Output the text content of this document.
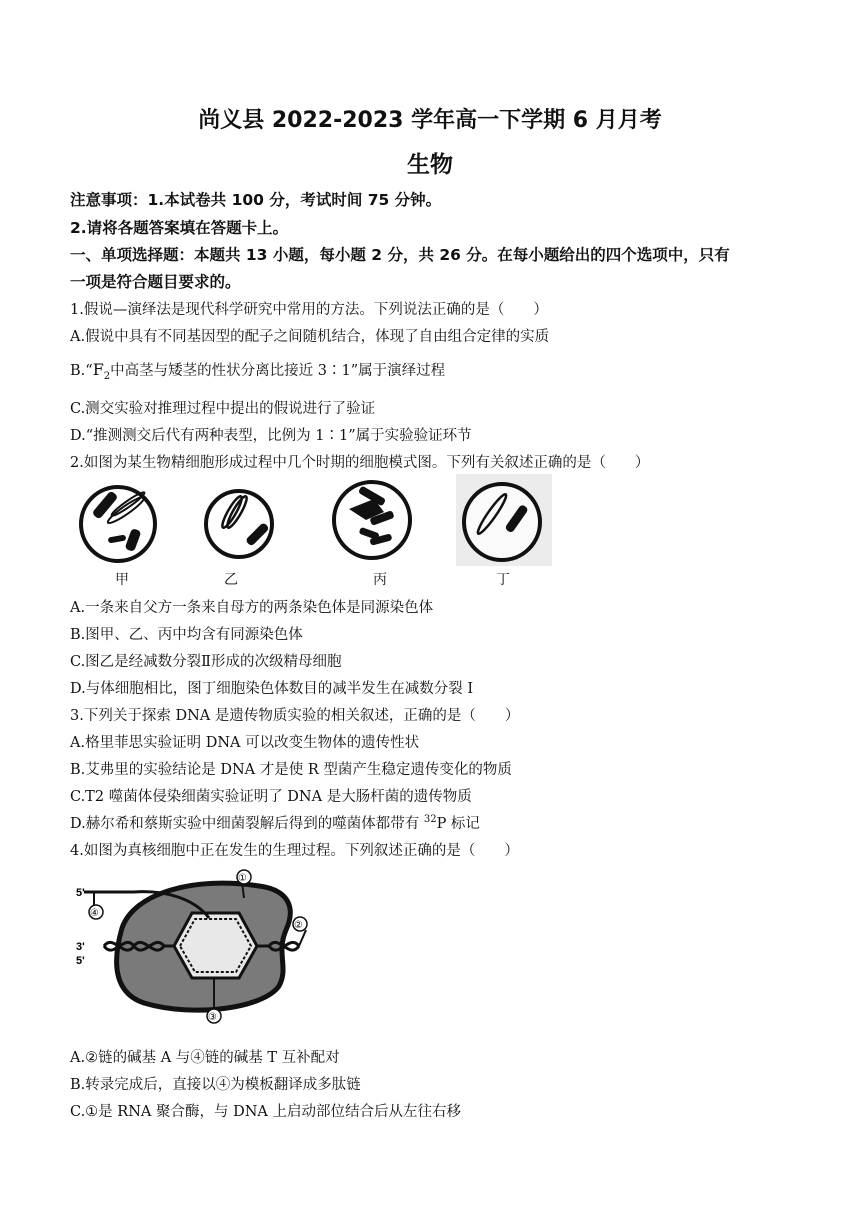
尚义县 2022-2023 学年高一下学期 6 月月考
生物
注意事项：1.本试卷共 100 分，考试时间 75 分钟。
2.请将各题答案填在答题卡上。
一、单项选择题：本题共 13 小题，每小题 2 分，共 26 分。在每小题给出的四个选项中，只有
一项是符合题目要求的。
1.假说—演绎法是现代科学研究中常用的方法。下列说法正确的是（　　）
A.假说中具有不同基因型的配子之间随机结合，体现了自由组合定律的实质
$B.“F_2$中高茎与矮茎的性状分离比接近 3∶1”属于演绎过程
C.测交实验对推理过程中提出的假说进行了验证
D.“推测测交后代有两种表型，比例为 1∶1”属于实验验证环节
2.如图为某生物精细胞形成过程中几个时期的细胞模式图。下列有关叙述正确的是（　　）
甲	乙	丙	丁
A.一条来自父方一条来自母方的两条染色体是同源染色体
B.图甲、乙、丙中均含有同源染色体
C.图乙是经减数分裂Ⅱ形成的次级精母细胞
D.与体细胞相比，图丁细胞染色体数目的减半发生在减数分裂 I
3.下列关于探索 DNA 是遗传物质实验的相关叙述，正确的是（　　）
A.格里菲思实验证明 DNA 可以改变生物体的遗传性状
B.艾弗里的实验结论是 DNA 才是使 R 型菌产生稳定遗传变化的物质
C.T2 噬菌体侵染细菌实验证明了 DNA 是大肠杆菌的遗传物质
D.赫尔希和蔡斯实验中细菌裂解后得到的噬菌体都带有 $^{32}$P 标记
4.如图为真核细胞中正在发生的生理过程。下列叙述正确的是（　　）
5'
3'
5'
①
②
③
④
A.②链的碱基 A 与④链的碱基 T 互补配对
B.转录完成后，直接以④为模板翻译成多肽链
C.①是 RNA 聚合酶，与 DNA 上启动部位结合后从左往右移
